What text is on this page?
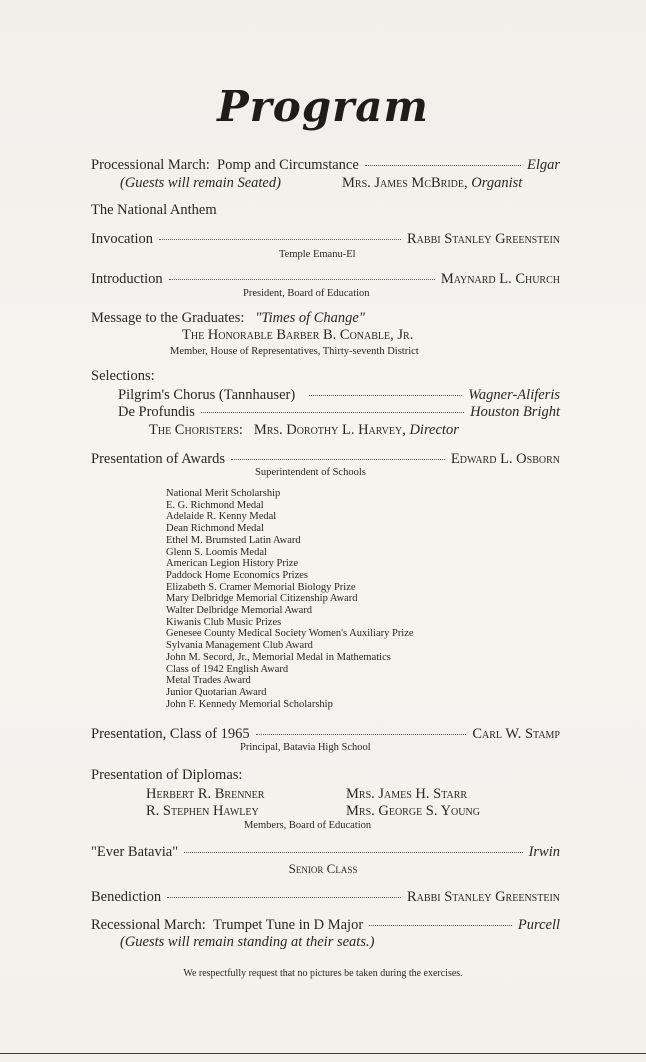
Program
Processional March:
Pomp and Circumstance	Elgar
(Guests will remain Seated)	Mrs. James McBride, Organist
The National Anthem
Invocation	Rabbi Stanley Greenstein
Temple Emanu-El
Introduction	Maynard L. Church
President, Board of Education
Message to the Graduates: "Times of Change"
The Honorable Barber B. Conable, Jr.
Member, House of Representatives, Thirty-seventh District
Selections:
Pilgrim's Chorus (Tannhauser)	Wagner-Aliferis
De Profundis	Houston Bright
The Choristers: Mrs. Dorothy L. Harvey, Director
Presentation of Awards	Edward L. Osborn
Superintendent of Schools
National Merit Scholarship
E. G. Richmond Medal
Adelaide R. Kenny Medal
Dean Richmond Medal
Ethel M. Brumsted Latin Award
Glenn S. Loomis Medal
American Legion History Prize
Paddock Home Economics Prizes
Elizabeth S. Cramer Memorial Biology Prize
Mary Delbridge Memorial Citizenship Award
Walter Delbridge Memorial Award
Kiwanis Club Music Prizes
Genesee County Medical Society Women's Auxiliary Prize
Sylvania Management Club Award
John M. Secord, Jr., Memorial Medal in Mathematics
Class of 1942 English Award
Metal Trades Award
Junior Quotarian Award
John F. Kennedy Memorial Scholarship
Presentation, Class of 1965	Carl W. Stamp
Principal, Batavia High School
Presentation of Diplomas:
Herbert R. Brenner	Mrs. James H. Starr
R. Stephen Hawley	Mrs. George S. Young
Members, Board of Education
"Ever Batavia"	Irwin
Senior Class
Benediction	Rabbi Stanley Greenstein
Recessional March:
Trumpet Tune in D Major	Purcell
(Guests will remain standing at their seats.)
We respectfully request that no pictures be taken during the exercises.
